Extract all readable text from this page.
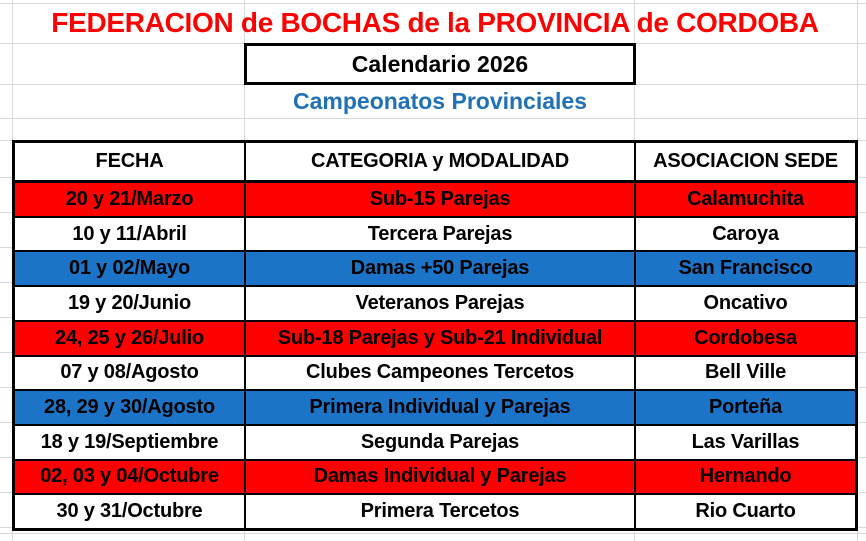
FEDERACION de BOCHAS de la PROVINCIA de CORDOBA
Calendario 2026
Campeonatos Provinciales
FECHA	CATEGORIA y MODALIDAD	ASOCIACION SEDE
20 y 21/Marzo	Sub-15 Parejas	Calamuchita
10 y 11/Abril	Tercera Parejas	Caroya
01 y 02/Mayo	Damas +50 Parejas	San Francisco
19 y 20/Junio	Veteranos Parejas	Oncativo
24, 25 y 26/Julio	Sub-18 Parejas y Sub-21 Individual	Cordobesa
07 y 08/Agosto	Clubes Campeones Tercetos	Bell Ville
28, 29 y 30/Agosto	Primera Individual y Parejas	Porteña
18 y 19/Septiembre	Segunda Parejas	Las Varillas
02, 03 y 04/Octubre	Damas Individual y Parejas	Hernando
30 y 31/Octubre	Primera Tercetos	Rio Cuarto
